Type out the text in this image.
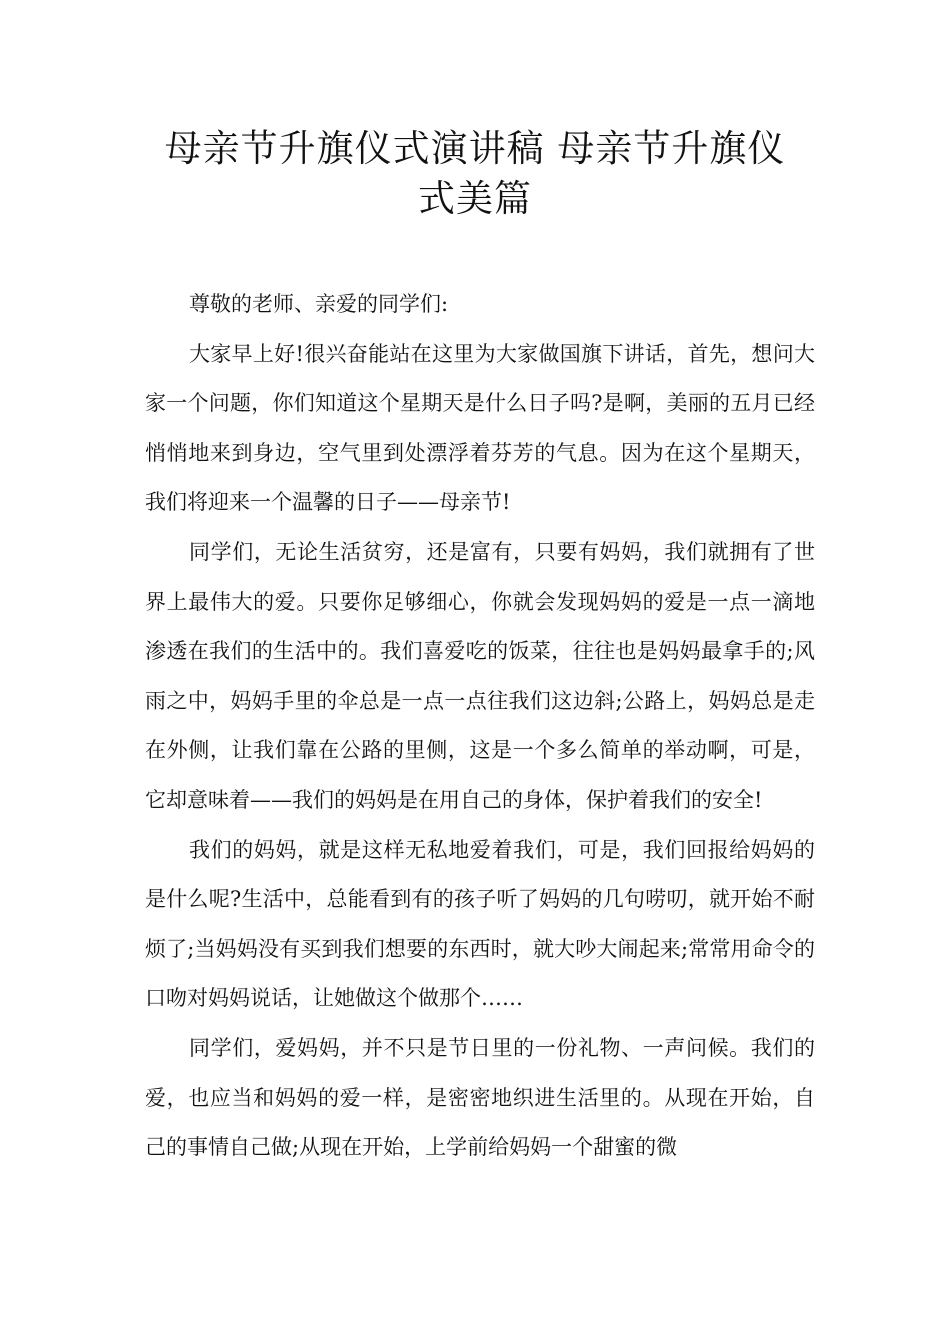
母亲节升旗仪式演讲稿 母亲节升旗仪
式美篇

尊敬的老师、亲爱的同学们:

大家早上好!很兴奋能站在这里为大家做国旗下讲话，首先，想问大家一个问题，你们知道这个星期天是什么日子吗?是啊，美丽的五月已经悄悄地来到身边，空气里到处漂浮着芬芳的气息。因为在这个星期天，我们将迎来一个温馨的日子——母亲节!

同学们，无论生活贫穷，还是富有，只要有妈妈，我们就拥有了世界上最伟大的爱。只要你足够细心，你就会发现妈妈的爱是一点一滴地渗透在我们的生活中的。我们喜爱吃的饭菜，往往也是妈妈最拿手的;风雨之中，妈妈手里的伞总是一点一点往我们这边斜;公路上，妈妈总是走在外侧，让我们靠在公路的里侧，这是一个多么简单的举动啊，可是，它却意味着——我们的妈妈是在用自己的身体，保护着我们的安全!

我们的妈妈，就是这样无私地爱着我们，可是，我们回报给妈妈的是什么呢?生活中，总能看到有的孩子听了妈妈的几句唠叨，就开始不耐烦了;当妈妈没有买到我们想要的东西时，就大吵大闹起来;常常用命令的口吻对妈妈说话，让她做这个做那个……

同学们，爱妈妈，并不只是节日里的一份礼物、一声问候。我们的爱，也应当和妈妈的爱一样，是密密地织进生活里的。从现在开始，自己的事情自己做;从现在开始，上学前给妈妈一个甜蜜的微
